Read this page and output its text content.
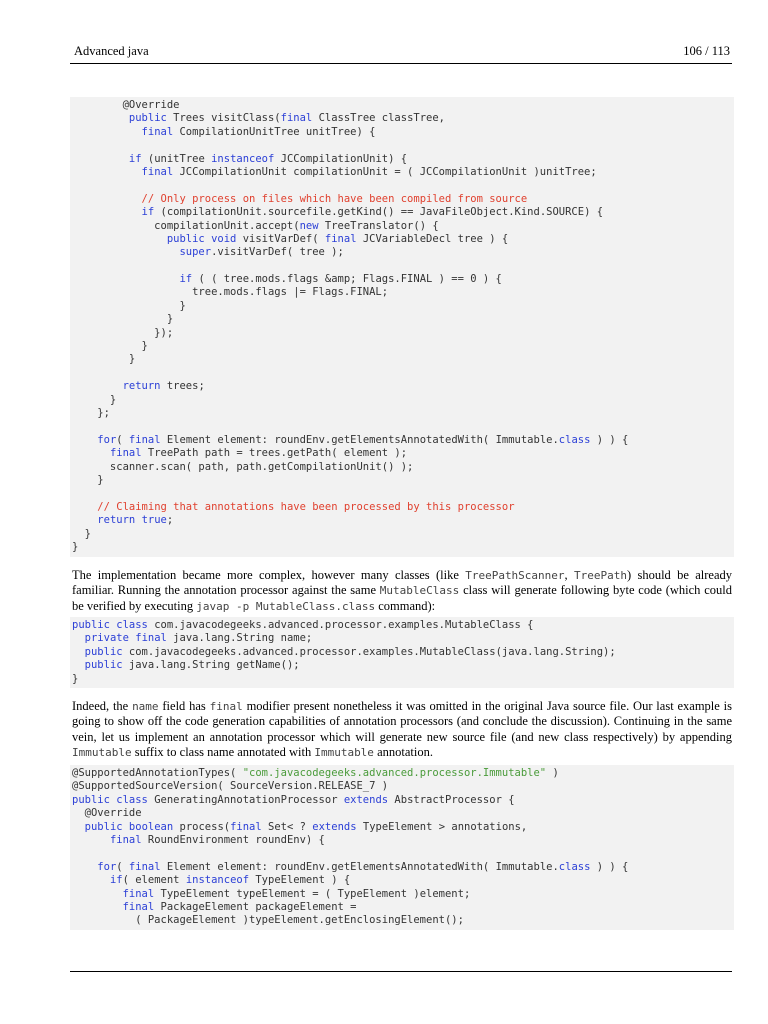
Advanced java	106 / 113
@Override
public Trees visitClass(final ClassTree classTree,
final CompilationUnitTree unitTree) {
if (unitTree instanceof JCCompilationUnit) {
final JCCompilationUnit compilationUnit = ( JCCompilationUnit )unitTree;
// Only process on files which have been compiled from source
if (compilationUnit.sourcefile.getKind() == JavaFileObject.Kind.SOURCE) {
compilationUnit.accept(new TreeTranslator() {
public void visitVarDef( final JCVariableDecl tree ) {
super.visitVarDef( tree );
if ( ( tree.mods.flags &amp; Flags.FINAL ) == 0 ) {
tree.mods.flags |= Flags.FINAL;
}
}
});
}
}
return trees;
}
};
for( final Element element: roundEnv.getElementsAnnotatedWith( Immutable.class ) ) {
final TreePath path = trees.getPath( element );
scanner.scan( path, path.getCompilationUnit() );
}
// Claiming that annotations have been processed by this processor
return true;
}
}
The implementation became more complex, however many classes (like TreePathScanner, TreePath) should be already familiar. Running the annotation processor against the same MutableClass class will generate following byte code (which could be verified by executing javap -p MutableClass.class command):
public class com.javacodegeeks.advanced.processor.examples.MutableClass {
private final java.lang.String name;
public com.javacodegeeks.advanced.processor.examples.MutableClass(java.lang.String);
public java.lang.String getName();
}
Indeed, the name field has final modifier present nonetheless it was omitted in the original Java source file. Our last example is going to show off the code generation capabilities of annotation processors (and conclude the discussion). Continuing in the same vein, let us implement an annotation processor which will generate new source file (and new class respectively) by appending Immutable suffix to class name annotated with Immutable annotation.
@SupportedAnnotationTypes( "com.javacodegeeks.advanced.processor.Immutable" )
@SupportedSourceVersion( SourceVersion.RELEASE_7 )
public class GeneratingAnnotationProcessor extends AbstractProcessor {
@Override
public boolean process(final Set< ? extends TypeElement > annotations,
final RoundEnvironment roundEnv) {
for( final Element element: roundEnv.getElementsAnnotatedWith( Immutable.class ) ) {
if( element instanceof TypeElement ) {
final TypeElement typeElement = ( TypeElement )element;
final PackageElement packageElement =
( PackageElement )typeElement.getEnclosingElement();
